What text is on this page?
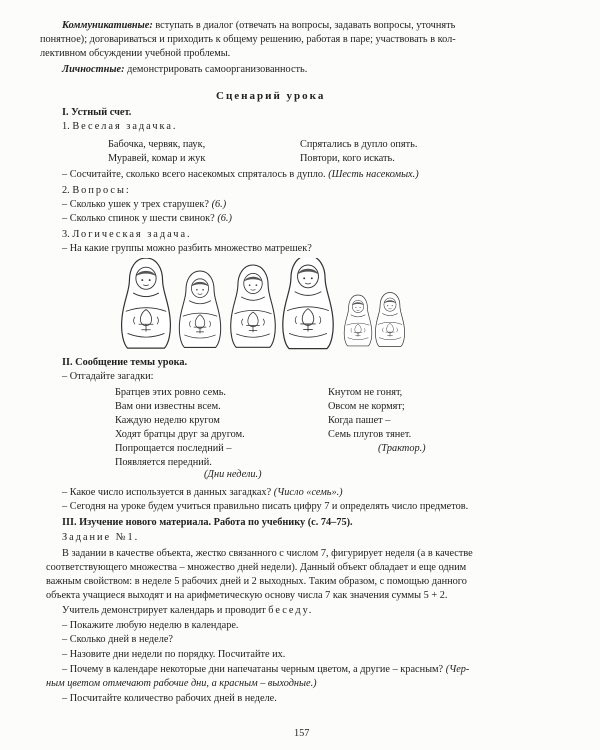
Коммуникативные: вступать в диалог (отвечать на вопросы, задавать вопросы, уточнять
понятное); договариваться и приходить к общему решению, работая в паре; участвовать в кол-
лективном обсуждении учебной проблемы.
Личностные: демонстрировать самоорганизованность.
Сценарий урока
I. Устный счет.
1. Веселая задачка.
Бабочка, червяк, паук,
Муравей, комар и жук
Спрятались в дупло опять.
Повтори, кого искать.
– Сосчитайте, сколько всего насекомых спряталось в дупло. (Шесть насекомых.)
2. Вопросы:
– Сколько ушек у трех старушек? (6.)
– Сколько спинок у шести свинок? (6.)
3. Логическая задача.
– На какие группы можно разбить множество матрешек?
II. Сообщение темы урока.
– Отгадайте загадки:
Братцев этих ровно семь.
Вам они известны всем.
Каждую неделю кругом
Ходят братцы друг за другом.
Попрощается последний –
Появляется передний.
(Дни недели.)
Кнутом не гонят,
Овсом не кормят;
Когда пашет –
Семь плугов тянет.
(Трактор.)
– Какое число используется в данных загадках? (Число «семь».)
– Сегодня на уроке будем учиться правильно писать цифру 7 и определять число предметов.
III. Изучение нового материала. Работа по учебнику (с. 74–75).
Задание №1.
В задании в качестве объекта, жестко связанного с числом 7, фигурирует неделя (а в качестве
соответствующего множества – множество дней недели). Данный объект обладает и еще одним
важным свойством: в неделе 5 рабочих дней и 2 выходных. Таким образом, с помощью данного
объекта учащиеся выходят и на арифметическую основу числа 7 как значения суммы 5 + 2.
Учитель демонстрирует календарь и проводит беседу.
– Покажите любую неделю в календаре.
– Сколько дней в неделе?
– Назовите дни недели по порядку. Посчитайте их.
– Почему в календаре некоторые дни напечатаны черным цветом, а другие – красным? (Чер-
ным цветом отмечают рабочие дни, а красным – выходные.)
– Посчитайте количество рабочих дней в неделе.
157
